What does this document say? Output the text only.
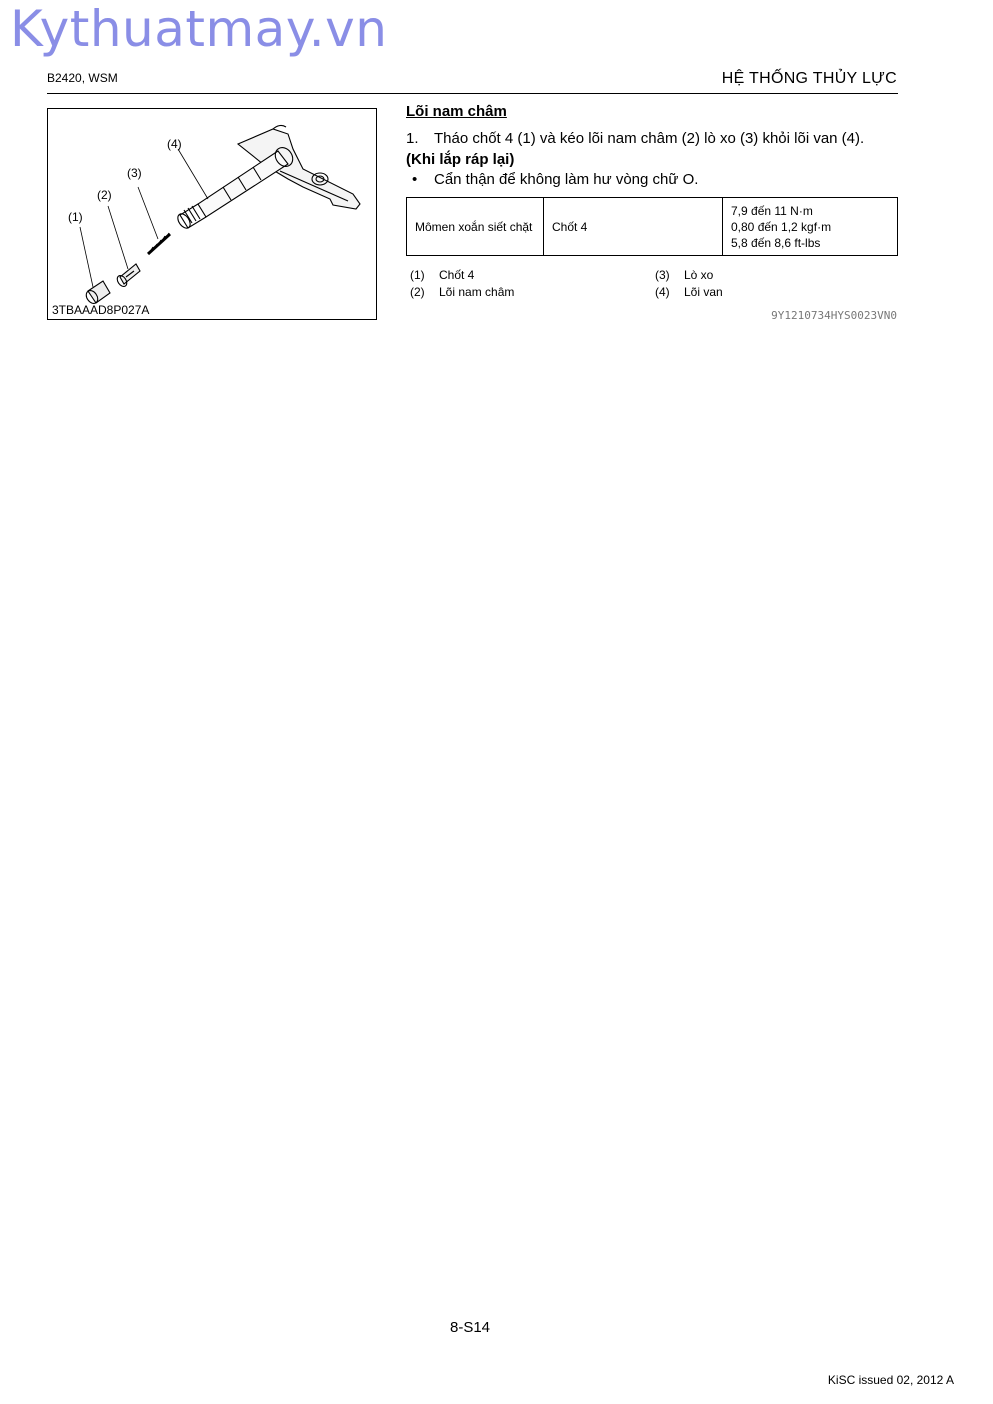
Kythuatmay.vn
B2420, WSM	HỆ THỐNG THỦY LỰC
(4)
(3)
(2)
(1)
3TBAAAD8P027A
Lõi nam châm
1. Tháo chốt 4 (1) và kéo lõi nam châm (2) lò xo (3) khỏi lõi van (4).
(Khi lắp ráp lại)
• Cẩn thận để không làm hư vòng chữ O.
Mômen xoắn siết chặt	Chốt 4	
7,9 đến 11 N·m
0,80 đến 1,2 kgf·m
5,8 đến 8,6 ft-lbs
(1) Chốt 4
(2) Lõi nam châm
(3) Lò xo
(4) Lõi van
9Y1210734HYS0023VN0
8-S14
KiSC issued 02, 2012 A
